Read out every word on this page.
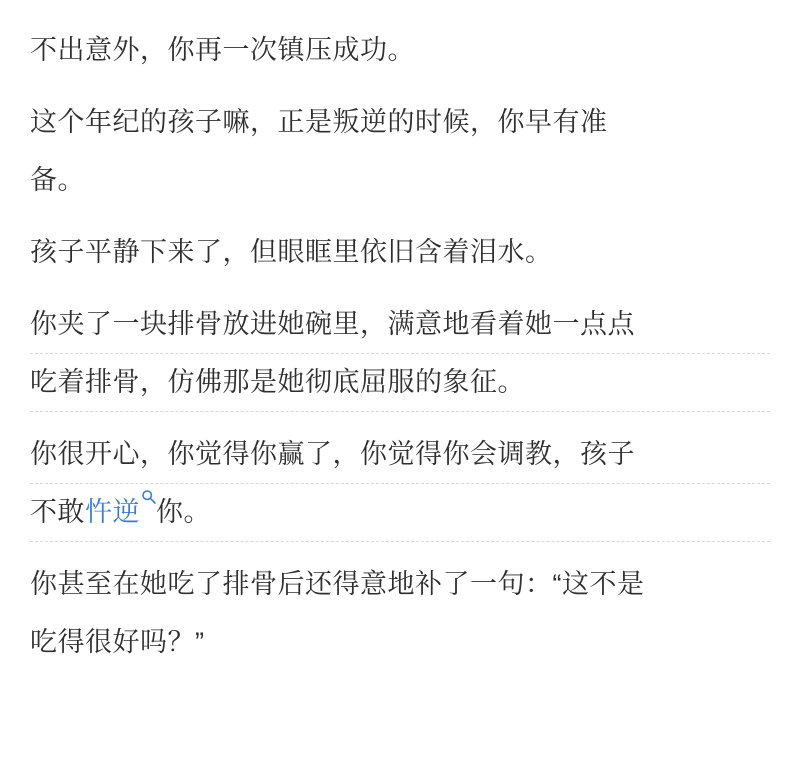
不出意外，你再一次镇压成功。

这个年纪的孩子嘛，正是叛逆的时候，你早有准
备。

孩子平静下来了，但眼眶里依旧含着泪水。

你夹了一块排骨放进她碗里，满意地看着她一点点
吃着排骨，仿佛那是她彻底屈服的象征。

你很开心，你觉得你赢了，你觉得你会调教，孩子
不敢忤逆 你。

你甚至在她吃了排骨后还得意地补了一句：“这不是
吃得很好吗？”
